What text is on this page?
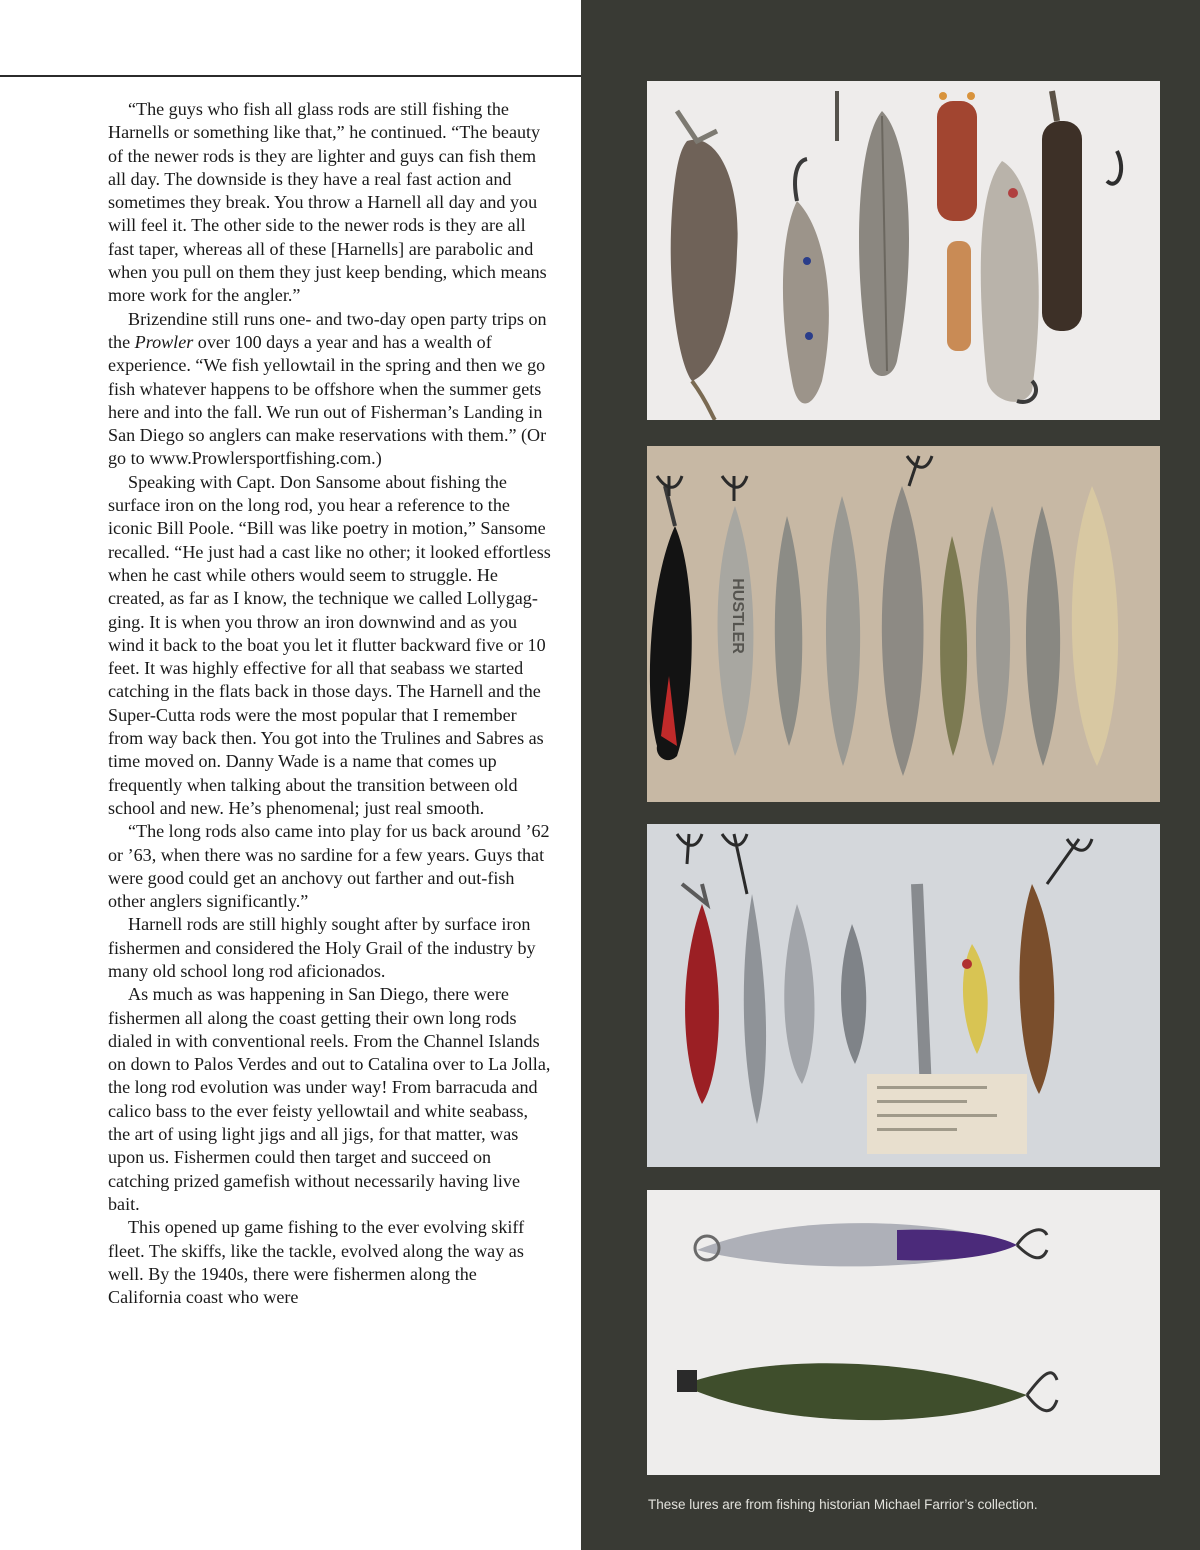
“The guys who fish all glass rods are still fishing the Harnells or something like that,” he continued. “The beauty of the newer rods is they are lighter and guys can fish them all day. The downside is they have a real fast action and sometimes they break. You throw a Harnell all day and you will feel it. The other side to the newer rods is they are all fast taper, whereas all of these [Harnells] are parabolic and when you pull on them they just keep bending, which means more work for the angler.”

Brizendine still runs one- and two-day open party trips on the Prowler over 100 days a year and has a wealth of experience. “We fish yellowtail in the spring and then we go fish whatever happens to be offshore when the summer gets here and into the fall. We run out of Fisherman’s Landing in San Diego so anglers can make reservations with them.” (Or go to www.Prowlersportfishing.com.)

Speaking with Capt. Don Sansome about fishing the surface iron on the long rod, you hear a reference to the iconic Bill Poole. “Bill was like poetry in motion,” Sansome recalled. “He just had a cast like no other; it looked effortless when he cast while others would seem to struggle. He created, as far as I know, the technique we called Lollygagging. It is when you throw an iron downwind and as you wind it back to the boat you let it flutter backward five or 10 feet. It was highly effective for all that seabass we started catching in the flats back in those days. The Harnell and the Super-Cutta rods were the most popular that I remember from way back then. You got into the Trulines and Sabres as time moved on. Danny Wade is a name that comes up frequently when talking about the transition between old school and new. He’s phenomenal; just real smooth.

“The long rods also came into play for us back around ’62 or ’63, when there was no sardine for a few years. Guys that were good could get an anchovy out farther and out-fish other anglers significantly.”

Harnell rods are still highly sought after by surface iron fishermen and considered the Holy Grail of the industry by many old school long rod aficionados.

As much as was happening in San Diego, there were fishermen all along the coast getting their own long rods dialed in with conventional reels. From the Channel Islands on down to Palos Verdes and out to Catalina over to La Jolla, the long rod evolution was under way! From barracuda and calico bass to the ever feisty yellowtail and white seabass, the art of using light jigs and all jigs, for that matter, was upon us. Fishermen could then target and succeed on catching prized gamefish without necessarily having live bait.

This opened up game fishing to the ever evolving skiff fleet. The skiffs, like the tackle, evolved along the way as well. By the 1940s, there were fishermen along the California coast who were

HUSTLER
These lures are from fishing historian Michael Farrior’s collection.
